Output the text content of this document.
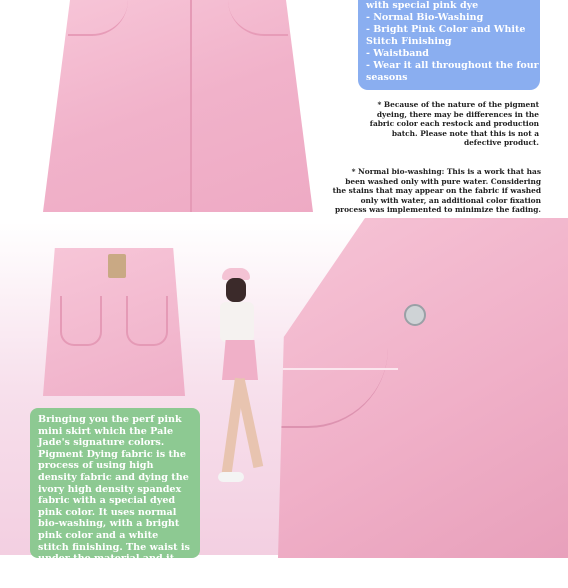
with special pink dye
- Normal Bio-Washing
- Bright Pink Color and White
Stitch Finishing
- Waistband
- Wear it all throughout the four
seasons
* Because of the nature of the pigment dyeing, there may be differences in the fabric color each restock and production batch. Please note that this is not a defective product.
* Normal bio-washing: This is a work that has been washed only with pure water. Considering the stains that may appear on the fabric if washed only with water, an additional color fixation process was implemented to minimize the fading.
Bringing you the perf pink mini skirt which the Pale Jade's signature colors. Pigment Dying fabric is the process of using high density fabric and dying the ivory high density spandex fabric with a special dyed pink color. It uses normal bio-washing, with a bright pink color and a white stitch finishing. The waist is under the material and it can be worn all throughout the four seasons.
